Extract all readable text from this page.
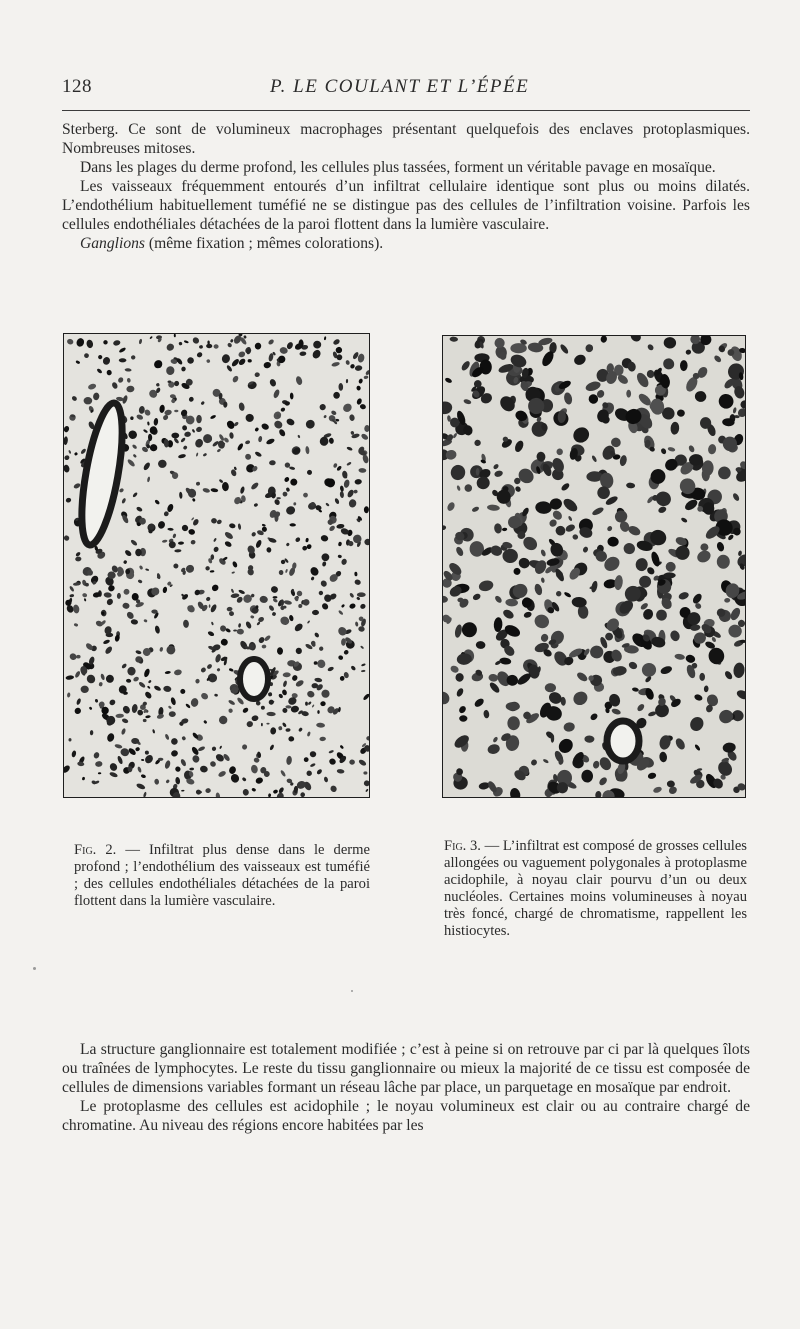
128	P. LE COULANT ET L’ÉPÉE

Sterberg. Ce sont de volumineux macrophages présentant quelquefois des enclaves protoplasmiques. Nombreuses mitoses.

Dans les plages du derme profond, les cellules plus tassées, forment un véritable pavage en mosaïque.

Les vaisseaux fréquemment entourés d’un infiltrat cellulaire identique sont plus ou moins dilatés. L’endothélium habituellement tuméfié ne se distingue pas des cellules de l’infiltration voisine. Parfois les cellules endothéliales détachées de la paroi flottent dans la lumière vasculaire.

Ganglions (même fixation ; mêmes colorations).

Fig. 2. — Infiltrat plus dense dans le derme profond ; l’endothélium des vaisseaux est tuméfié ; des cellules endothéliales détachées de la paroi flottent dans la lumière vasculaire.

Fig. 3. — L’infiltrat est composé de grosses cellules allongées ou vaguement polygonales à protoplasme acidophile, à noyau clair pourvu d’un ou deux nucléoles. Certaines moins volumineuses à noyau très foncé, chargé de chromatisme, rappellent les histiocytes.

La structure ganglionnaire est totalement modifiée ; c’est à peine si on retrouve par ci par là quelques îlots ou traînées de lymphocytes. Le reste du tissu ganglionnaire ou mieux la majorité de ce tissu est composée de cellules de dimensions variables formant un réseau lâche par place, un parquetage en mosaïque par endroit.

Le protoplasme des cellules est acidophile ; le noyau volumineux est clair ou au contraire chargé de chromatine. Au niveau des régions encore habitées par les
